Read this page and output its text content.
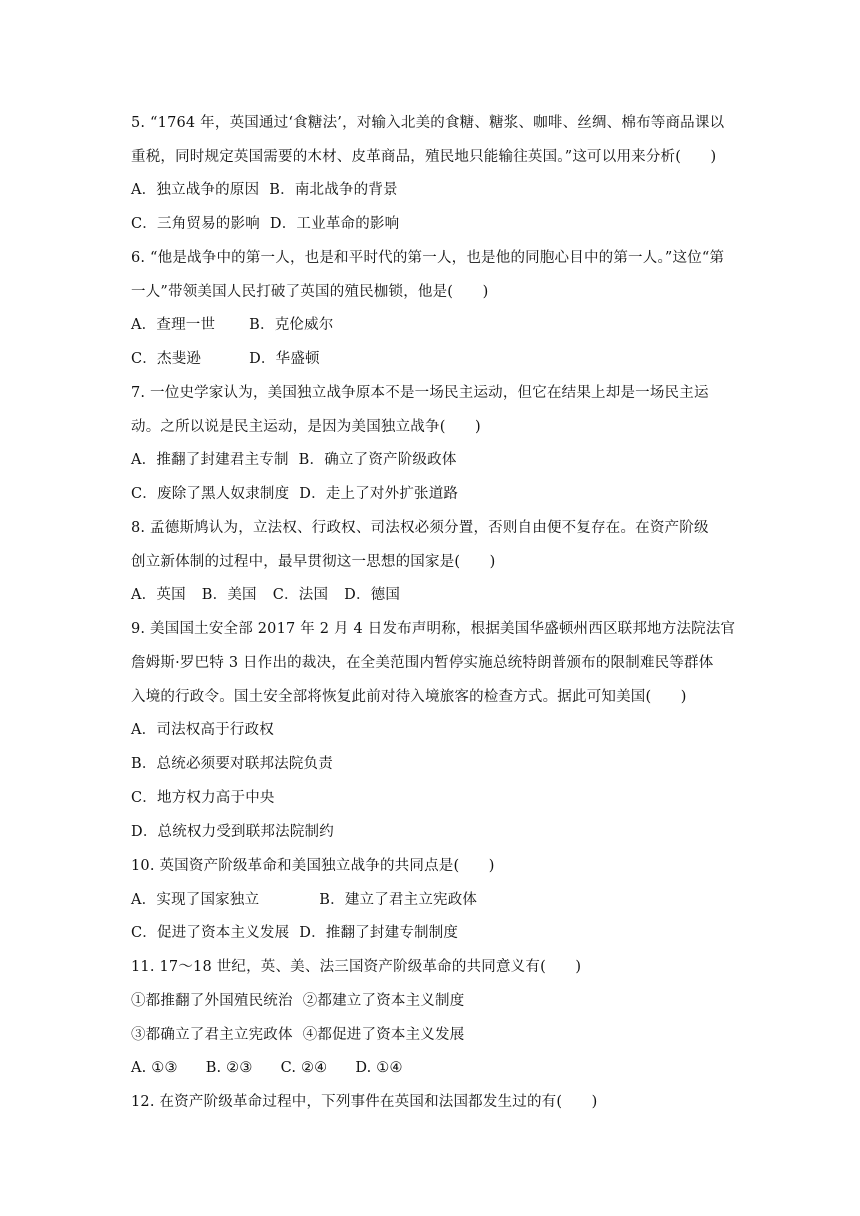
5. “1764 年，英国通过‘食糖法’，对输入北美的食糖、糖浆、咖啡、丝绸、棉布等商品课以
重税，同时规定英国需要的木材、皮革商品，殖民地只能输往英国。”这可以用来分析(　　)
A．独立战争的原因 B．南北战争的背景
C．三角贸易的影响 D．工业革命的影响
6. “他是战争中的第一人，也是和平时代的第一人，也是他的同胞心目中的第一人。”这位“第
一人”带领美国人民打破了英国的殖民枷锁，他是(　　)
A．查理一世 B．克伦威尔
C．杰斐逊	D．华盛顿
7. 一位史学家认为，美国独立战争原本不是一场民主运动，但它在结果上却是一场民主运
动。之所以说是民主运动，是因为美国独立战争(　　)
A．推翻了封建君主专制 B．确立了资产阶级政体
C．废除了黑人奴隶制度 D．走上了对外扩张道路
8. 孟德斯鸠认为，立法权、行政权、司法权必须分置，否则自由便不复存在。在资产阶级
创立新体制的过程中，最早贯彻这一思想的国家是(　　)
A．英国 B．美国 C．法国 D．德国
9. 美国国土安全部 2017 年 2 月 4 日发布声明称，根据美国华盛顿州西区联邦地方法院法官
詹姆斯·罗巴特 3 日作出的裁决，在全美范围内暂停实施总统特朗普颁布的限制难民等群体
入境的行政令。国土安全部将恢复此前对待入境旅客的检查方式。据此可知美国(　　)
A．司法权高于行政权
B．总统必须要对联邦法院负责
C．地方权力高于中央
D．总统权力受到联邦法院制约
10. 英国资产阶级革命和美国独立战争的共同点是(　　)
A．实现了国家独立	B．建立了君主立宪政体
C．促进了资本主义发展 D．推翻了封建专制制度
11. 17～18 世纪，英、美、法三国资产阶级革命的共同意义有(　　)
①都推翻了外国殖民统治 ②都建立了资本主义制度
③都确立了君主立宪政体 ④都促进了资本主义发展
A. ①③ B. ②③ C. ②④ D. ①④
12. 在资产阶级革命过程中，下列事件在英国和法国都发生过的有(　　)
